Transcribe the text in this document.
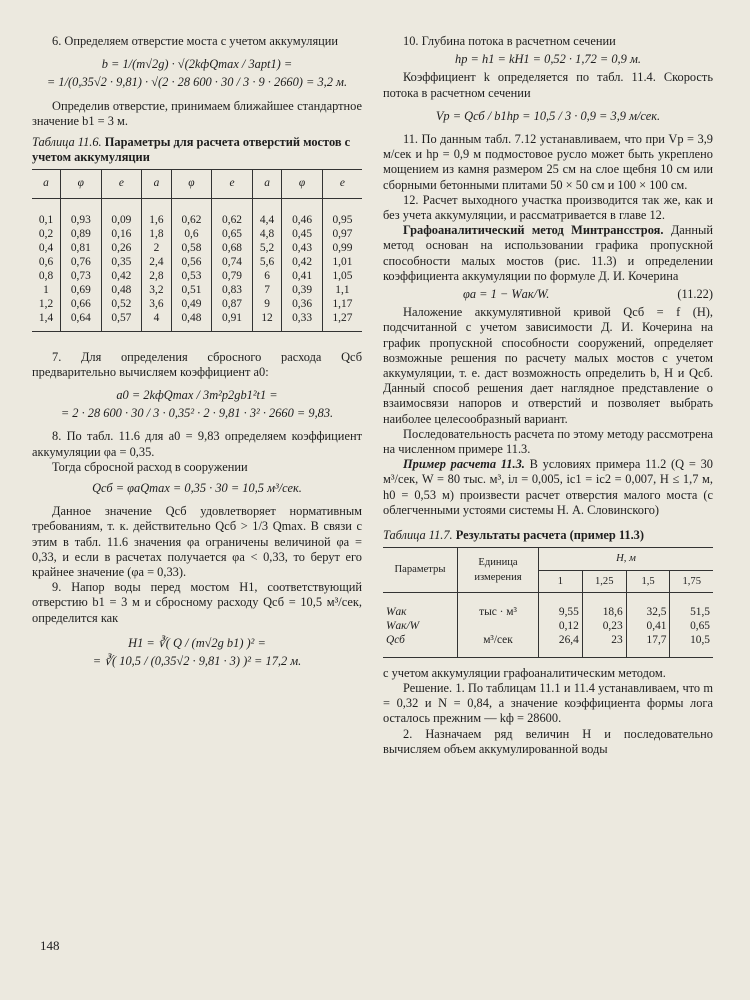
6. Определяем отверстие моста с учетом аккумуляции

b = 1/(m√2g) · √(2kфQmax / 3aрt1) =
= 1/(0,35√2 · 9,81) · √(2 · 28 600 · 30 / 3 · 9 · 2660) = 3,2 м.

Определив отверстие, принимаем ближайшее стандартное значение b1 = 3 м.

Таблица 11.6. Параметры для расчета отверстий мостов с учетом аккумуляции
а	φ	е	а	φ	е	а	φ	е
0,1	0,93	0,09	1,6	0,62	0,62	4,4	0,46	0,95
0,2	0,89	0,16	1,8	0,6	0,65	4,8	0,45	0,97
0,4	0,81	0,26	2	0,58	0,68	5,2	0,43	0,99
0,6	0,76	0,35	2,4	0,56	0,74	5,6	0,42	1,01
0,8	0,73	0,42	2,8	0,53	0,79	6	0,41	1,05
1	0,69	0,48	3,2	0,51	0,83	7	0,39	1,1
1,2	0,66	0,52	3,6	0,49	0,87	9	0,36	1,17
1,4	0,64	0,57	4	0,48	0,91	12	0,33	1,27

7. Для определения сбросного расхода Qсб предварительно вычисляем коэффициент a0:

a0 = 2kфQmax / 3m²р2gb1²t1 =
= 2 · 28 600 · 30 / 3 · 0,35² · 2 · 9,81 · 3² · 2660 = 9,83.

8. По табл. 11.6 для a0 = 9,83 определяем коэффициент аккумуляции φа = 0,35.

Тогда сбросной расход в сооружении

Qсб = φаQmax = 0,35 · 30 = 10,5 м³/сек.

Данное значение Qсб удовлетворяет нормативным требованиям, т. к. действительно Qсб > 1/3 Qmax. В связи с этим в табл. 11.6 значения φа ограничены величиной φа = 0,33, и если в расчетах получается φа < 0,33, то берут его крайнее значение (φа = 0,33).

9. Напор воды перед мостом H1, соответствующий отверстию b1 = 3 м и сбросному расходу Qсб = 10,5 м³/сек, определится как

H1 = ∛( Q / (m√2g b1) )² =
= ∛( 10,5 / (0,35√2 · 9,81 · 3) )² = 17,2 м.

10. Глубина потока в расчетном сечении

hр = h1 = kH1 = 0,52 · 1,72 = 0,9 м.

Коэффициент k определяется по табл. 11.4. Скорость потока в расчетном сечении

Vр = Qсб / b1hр = 10,5 / 3 · 0,9 = 3,9 м/сек.

11. По данным табл. 7.12 устанавливаем, что при Vр = 3,9 м/сек и hр = 0,9 м подмостовое русло может быть укреплено мощением из камня размером 25 см на слое щебня 10 см или сборными бетонными плитами 50 × 50 см и 100 × 100 см.

12. Расчет выходного участка производится так же, как и без учета аккумуляции, и рассматривается в главе 12.

Графоаналитический метод Минтрансстроя. Данный метод основан на использовании графика пропускной способности малых мостов (рис. 11.3) и определении коэффициента аккумуляции по формуле Д. И. Кочерина

φа = 1 − Wак/W.	(11.22)

Наложение аккумулятивной кривой Qсб = f (H), подсчитанной с учетом зависимости Д. И. Кочерина на график пропускной способности сооружений, определяет возможные решения по расчету малых мостов с учетом аккумуляции, т. е. даст возможность определить b, H и Qсб. Данный способ решения дает наглядное представление о взаимосвязи напоров и отверстий и позволяет выбрать наиболее целесообразный вариант.

Последовательность расчета по этому методу рассмотрена на численном примере 11.3.

Пример расчета 11.3. В условиях примера 11.2 (Q = 30 м³/сек, W = 80 тыс. м³, iл = 0,005, iс1 = iс2 = 0,007, H ≤ 1,7 м, h0 = 0,53 м) произвести расчет отверстия малого моста (с облегченными устоями системы Н. А. Словинского)

Таблица 11.7. Результаты расчета (пример 11.3)
Параметры	Единица измерения	H, м			
		1	1,25	1,5	1,75
Wак	тыс · м³	9,55	18,6	32,5	51,5
Wак/W		0,12	0,23	0,41	0,65
Qсб	м³/сек	26,4	23	17,7	10,5

с учетом аккумуляции графоаналитическим методом.

Решение. 1. По таблицам 11.1 и 11.4 устанавливаем, что m = 0,32 и N = 0,84, а значение коэффициента формы лога осталось прежним — kф = 28600.

2. Назначаем ряд величин H и последовательно вычисляем объем аккумулированной воды

148
